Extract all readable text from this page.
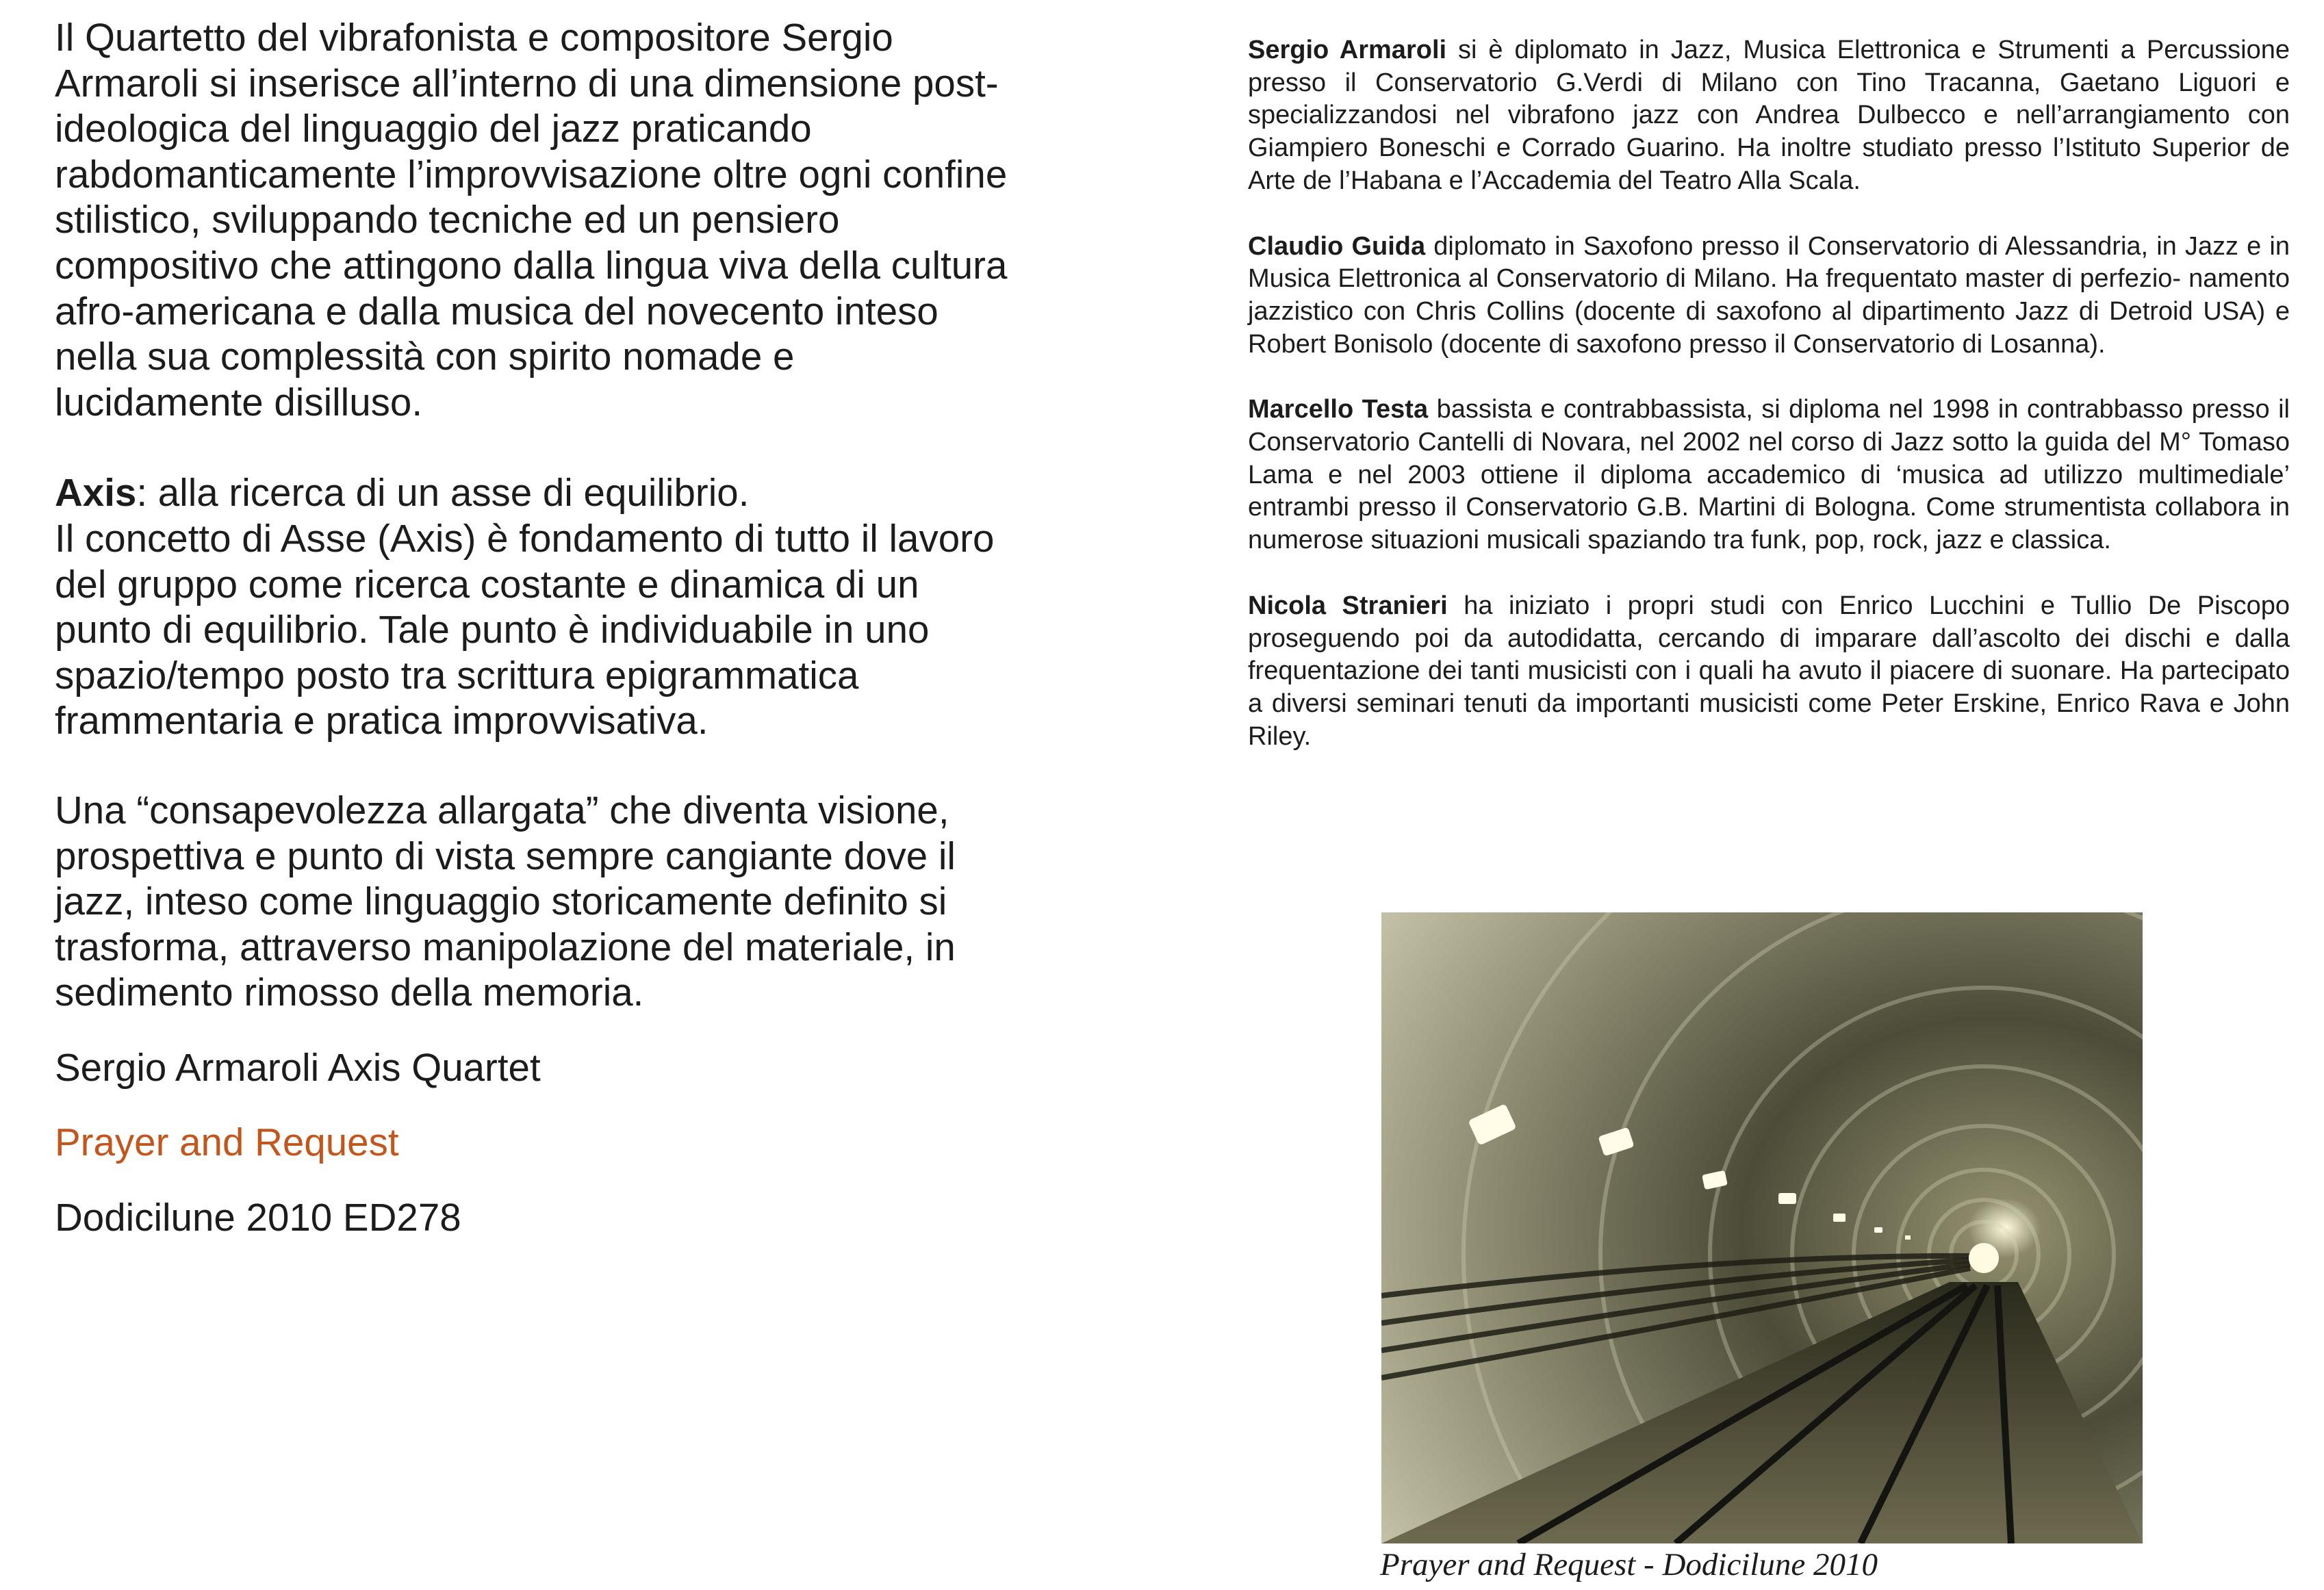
Il Quartetto del vibrafonista e compositore Sergio Armaroli si inserisce all’interno di una dimensione post-ideologica del linguaggio del jazz praticando rabdomanticamente l’improvvisazione oltre ogni confine stilistico, sviluppando tecniche ed un pensiero compositivo che attingono dalla lingua viva della cultura afro-americana e dalla musica del novecento inteso nella sua complessità con spirito nomade e lucidamente disilluso.

Axis: alla ricerca di un asse di equilibrio.
Il concetto di Asse (Axis) è fondamento di tutto il lavoro del gruppo come ricerca costante e dinamica di un punto di equilibrio. Tale punto è individuabile in uno spazio/tempo posto tra scrittura epigrammatica frammentaria e pratica improvvisativa.

Una “consapevolezza allargata” che diventa visione, prospettiva e punto di vista sempre cangiante dove il jazz, inteso come linguaggio storicamente definito si trasforma, attraverso manipolazione del materiale, in sedimento rimosso della memoria.

Sergio Armaroli Axis Quartet

Prayer and Request

Dodicilune 2010 ED278

Sergio Armaroli si è diplomato in Jazz, Musica Elettronica e Strumenti a Percussione presso il Conservatorio G.Verdi di Milano con Tino Tracanna, Gaetano Liguori e specializzandosi nel vibrafono jazz con Andrea Dulbecco e nell’arrangiamento con Giampiero Boneschi e Corrado Guarino. Ha inoltre studiato presso l’Istituto Superior de Arte de l’Habana e l’Accademia del Teatro Alla Scala.

Claudio Guida diplomato in Saxofono presso il Conservatorio di Alessandria, in Jazz e in Musica Elettronica al Conservatorio di Milano. Ha frequentato master di perfezio- namento jazzistico con Chris Collins (docente di saxofono al dipartimento Jazz di Detroid USA) e Robert Bonisolo (docente di saxofono presso il Conservatorio di Losanna).

Marcello Testa bassista e contrabbassista, si diploma nel 1998 in contrabbasso presso il Conservatorio Cantelli di Novara, nel 2002 nel corso di Jazz sotto la guida del M° Tomaso Lama e nel 2003 ottiene il diploma accademico di ‘musica ad utilizzo multimediale’ entrambi presso il Conservatorio G.B. Martini di Bologna. Come strumentista collabora in numerose situazioni musicali spaziando tra funk, pop, rock, jazz e classica.

Nicola Stranieri ha iniziato i propri studi con Enrico Lucchini e Tullio De Piscopo proseguendo poi da autodidatta, cercando di imparare dall’ascolto dei dischi e dalla frequentazione dei tanti musicisti con i quali ha avuto il piacere di suonare. Ha partecipato a diversi seminari tenuti da importanti musicisti come Peter Erskine, Enrico Rava e John Riley.

Prayer and Request - Dodicilune 2010
